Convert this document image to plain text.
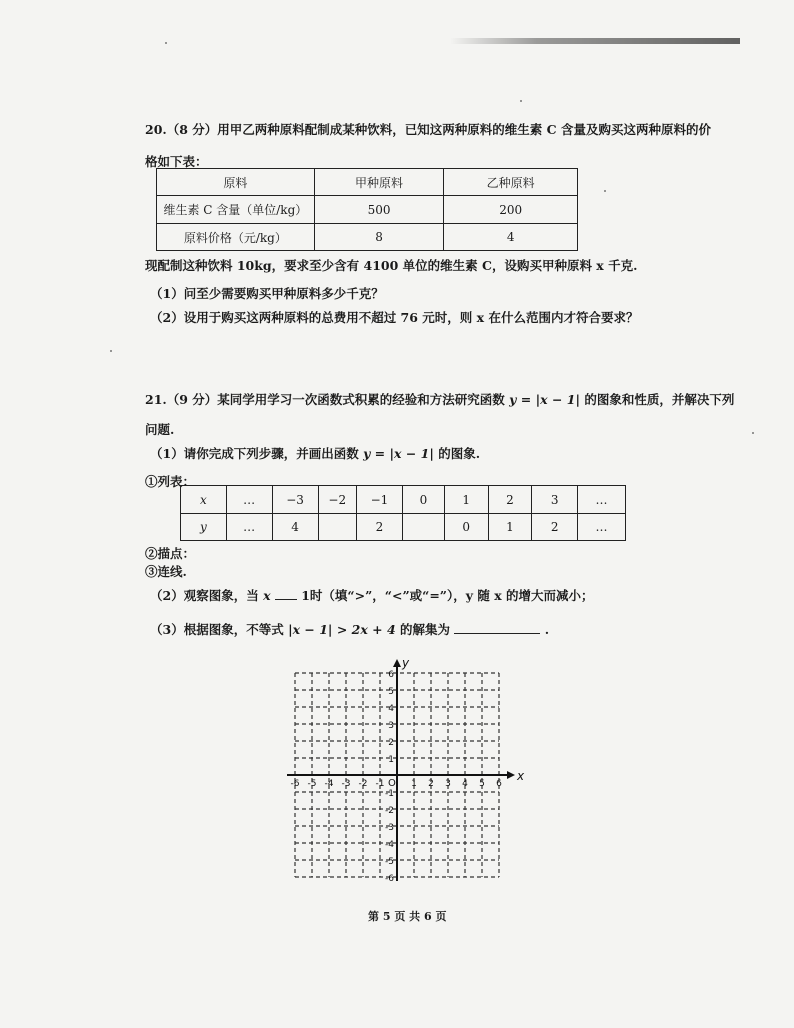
20.（8 分）用甲乙两种原料配制成某种饮料，已知这两种原料的维生素 C 含量及购买这两种原料的价
格如下表：
原料	甲种原料	乙种原料
维生素 C 含量（单位/kg）	500	200
原料价格（元/kg）	8	4
现配制这种饮料 10kg，要求至少含有 4100 单位的维生素 C，设购买甲种原料 x 千克.
（1）问至少需要购买甲种原料多少千克？
（2）设用于购买这两种原料的总费用不超过 76 元时，则 x 在什么范围内才符合要求？
21.（9 分）某同学用学习一次函数式积累的经验和方法研究函数 y = |x − 1| 的图象和性质，并解决下列
问题.
（1）请你完成下列步骤，并画出函数 y = |x − 1| 的图象.
①列表：
x	…	−3	−2	−1	0	1	2	3	…
y	…	4		2		0	1	2	…
②描点：
③连线.
（2）观察图象，当 x 1时（填“>”，“<”或“=”），y 随 x 的增大而减小；
（3）根据图象，不等式 |x − 1| > 2x + 4 的解集为	.
x
y
O
-6 -5 -4 -3 -2 -1	1 2 3 4 5 6
6
5
4
3
2
1
-1
-2
-3
-4
-5
-6
第 5 页 共 6 页
